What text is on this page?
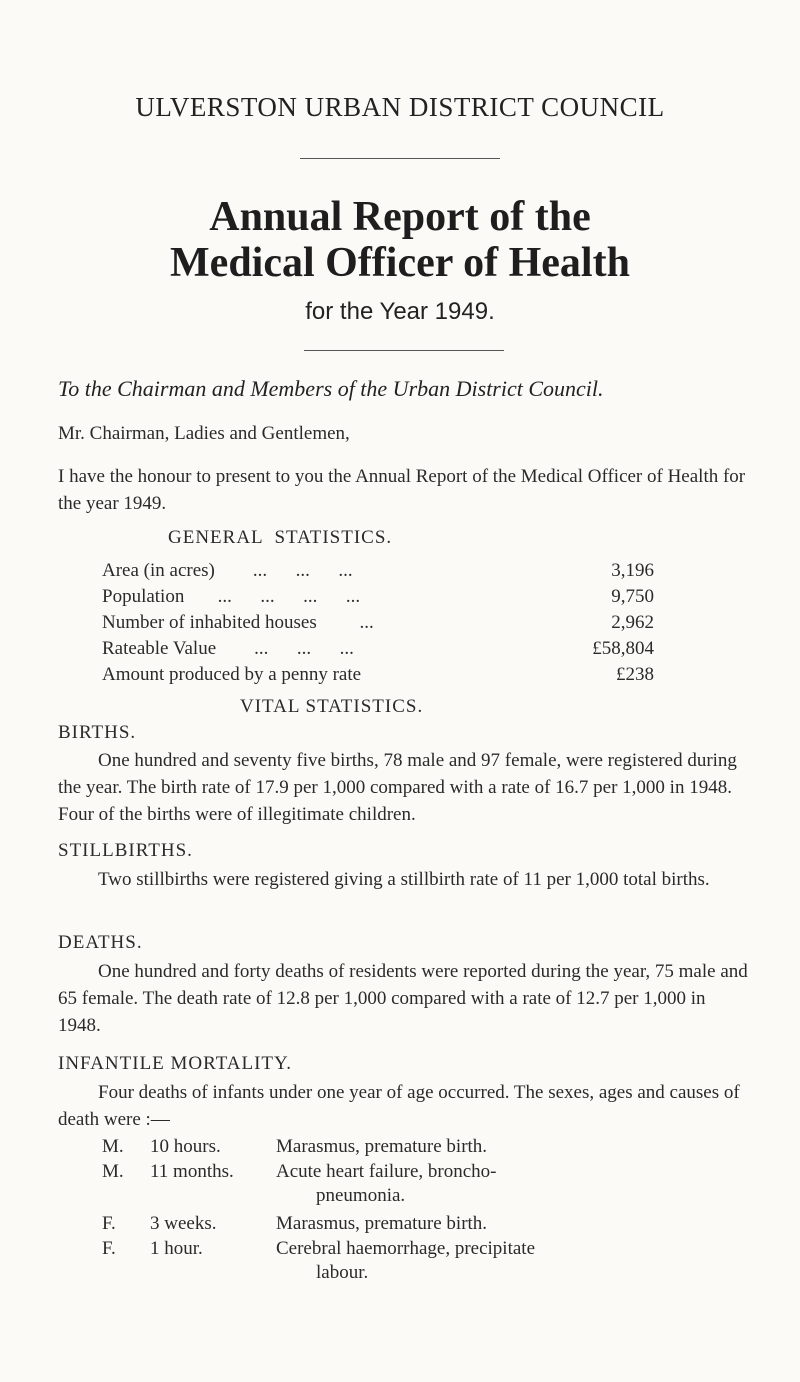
ULVERSTON URBAN DISTRICT COUNCIL
Annual Report of the
Medical Officer of Health
for the Year 1949.
To the Chairman and Members of the Urban District Council.
Mr. Chairman, Ladies and Gentlemen,
I have the honour to present to you the Annual Report of the Medical Officer of Health for the year 1949.
GENERAL  STATISTICS.
Area (in acres)        ...      ...      ...	3,196
Population       ...      ...      ...      ...	9,750
Number of inhabited houses         ...	2,962
Rateable Value        ...      ...      ...	£58,804
Amount produced by a penny rate	£238
VITAL STATISTICS.
BIRTHS.
One hundred and seventy five births, 78 male and 97 female, were registered during the year. The birth rate of 17.9 per 1,000 compared with a rate of 16.7 per 1,000 in 1948. Four of the births were of illegitimate children.
STILLBIRTHS.
Two stillbirths were registered giving a stillbirth rate of 11 per 1,000 total births.
DEATHS.
One hundred and forty deaths of residents were reported during the year, 75 male and 65 female. The death rate of 12.8 per 1,000 compared with a rate of 12.7 per 1,000 in 1948.
INFANTILE MORTALITY.
Four deaths of infants under one year of age occurred. The sexes, ages and causes of death were :—
M. 10 hours.	Marasmus, premature birth.
M. 11 months. Acute heart failure, broncho-
pneumonia.
F. 3 weeks.	Marasmus, premature birth.
F. 1 hour.	Cerebral haemorrhage, precipitate
labour.
